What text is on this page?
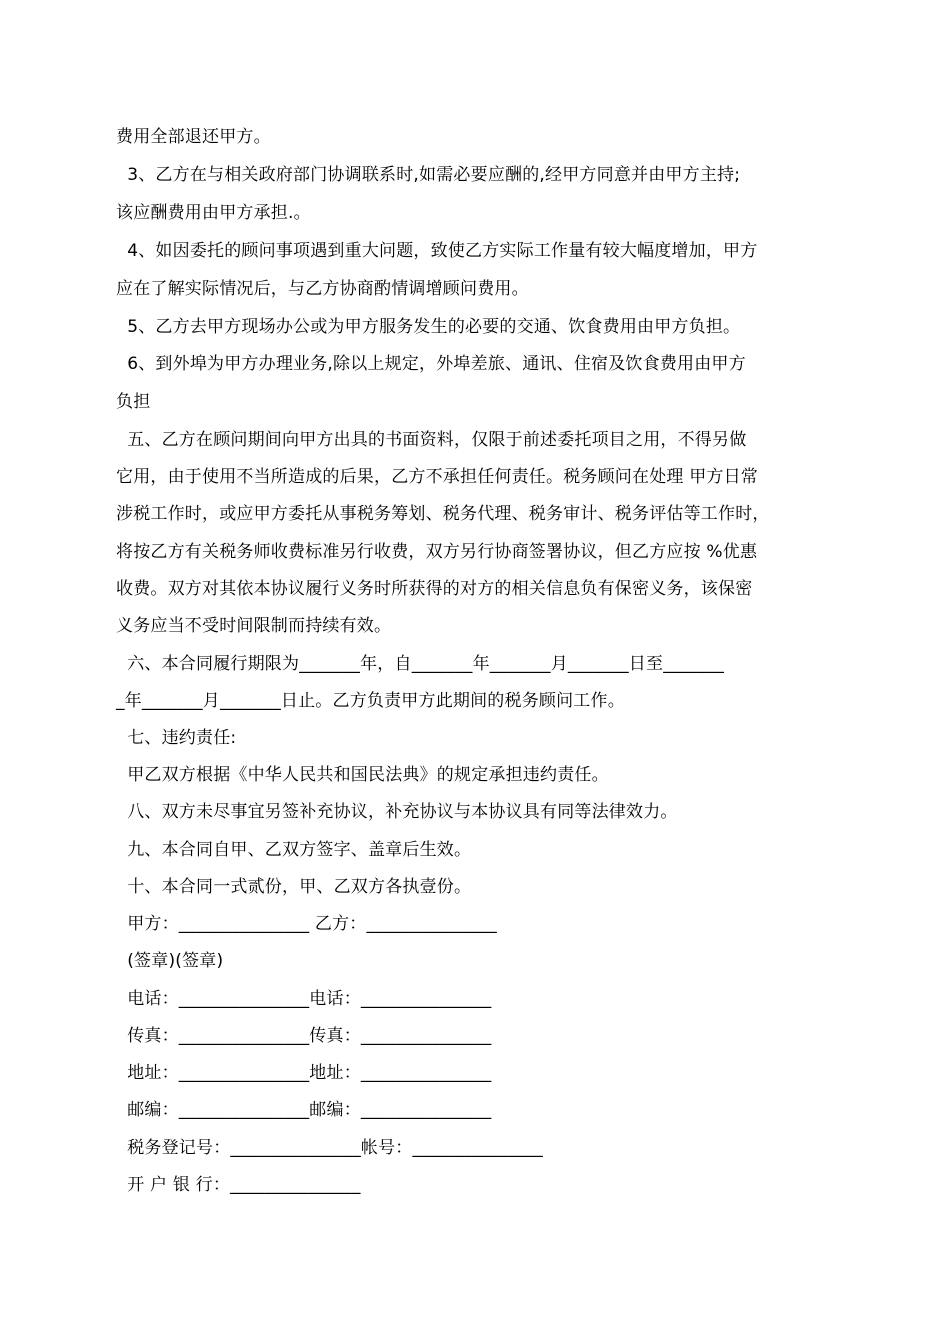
费用全部退还甲方。
3、乙方在与相关政府部门协调联系时,如需必要应酬的,经甲方同意并由甲方主持;
该应酬费用由甲方承担.。
4、如因委托的顾问事项遇到重大问题，致使乙方实际工作量有较大幅度增加，甲方
应在了解实际情况后，与乙方协商酌情调增顾问费用。
5、乙方去甲方现场办公或为甲方服务发生的必要的交通、饮食费用由甲方负担。
6、到外埠为甲方办理业务,除以上规定，外埠差旅、通讯、住宿及饮食费用由甲方
负担
五、乙方在顾问期间向甲方出具的书面资料，仅限于前述委托项目之用，不得另做
它用，由于使用不当所造成的后果，乙方不承担任何责任。税务顾问在处理 甲方日常
涉税工作时，或应甲方委托从事税务筹划、税务代理、税务审计、税务评估等工作时，
将按乙方有关税务师收费标准另行收费，双方另行协商签署协议，但乙方应按 %优惠
收费。双方对其依本协议履行义务时所获得的对方的相关信息负有保密义务，该保密
义务应当不受时间限制而持续有效。
六、本合同履行期限为_______年，自_______年_______月_______日至_______
_年_______月_______日止。乙方负责甲方此期间的税务顾问工作。
七、违约责任:
甲乙双方根据《中华人民共和国民法典》的规定承担违约责任。
八、双方未尽事宜另签补充协议，补充协议与本协议具有同等法律效力。
九、本合同自甲、乙双方签字、盖章后生效。
十、本合同一式贰份，甲、乙双方各执壹份。
甲方：_______________ 乙方：_______________
(签章)(签章)
电话：_______________电话：_______________
传真：_______________传真：_______________
地址：_______________地址：_______________
邮编：_______________邮编：_______________
税务登记号：_______________帐号：_______________
开 户 银 行：_______________
